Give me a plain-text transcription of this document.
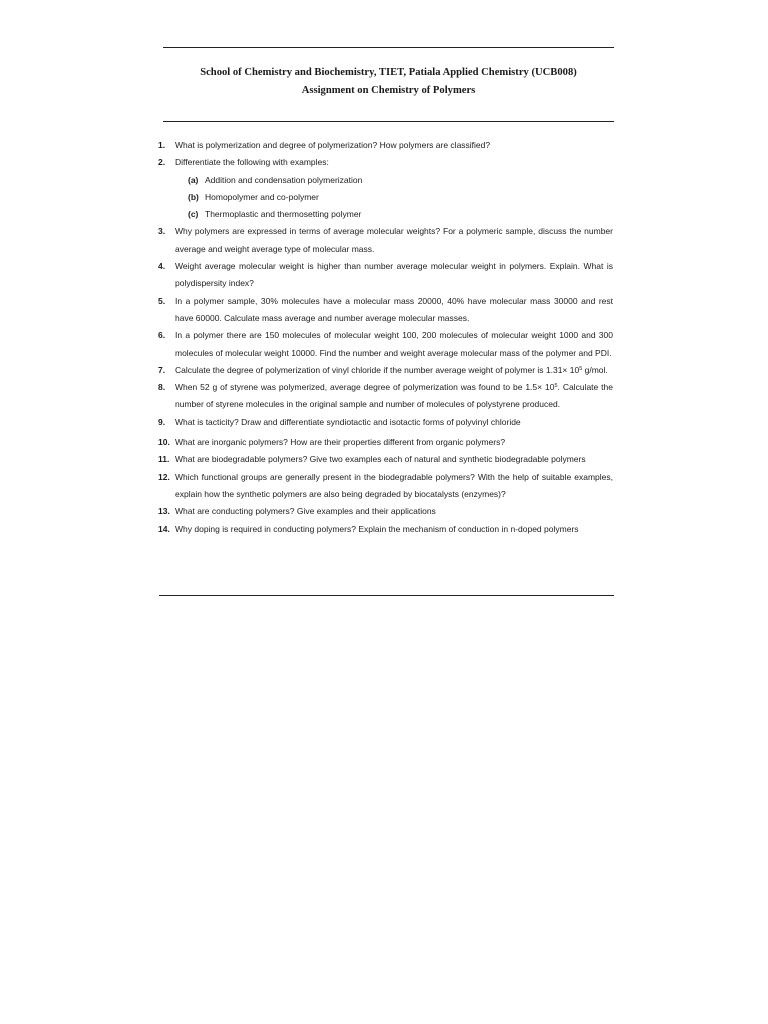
School of Chemistry and Biochemistry, TIET, Patiala Applied Chemistry (UCB008)
Assignment on Chemistry of Polymers
1. What is polymerization and degree of polymerization? How polymers are classified?
2. Differentiate the following with examples:
(a) Addition and condensation polymerization
(b) Homopolymer and co-polymer
(c) Thermoplastic and thermosetting polymer
3. Why polymers are expressed in terms of average molecular weights? For a polymeric sample, discuss the number average and weight average type of molecular mass.
4. Weight average molecular weight is higher than number average molecular weight in polymers. Explain. What is polydispersity index?
5. In a polymer sample, 30% molecules have a molecular mass 20000, 40% have molecular mass 30000 and rest have 60000. Calculate mass average and number average molecular masses.
6. In a polymer there are 150 molecules of molecular weight 100, 200 molecules of molecular weight 1000 and 300 molecules of molecular weight 10000. Find the number and weight average molecular mass of the polymer and PDI.
7. Calculate the degree of polymerization of vinyl chloride if the number average weight of polymer is $1.31\times 10^5$ g/mol.
8. When 52 g of styrene was polymerized, average degree of polymerization was found to be $1.5\times 10^5$. Calculate the number of styrene molecules in the original sample and number of molecules of polystyrene produced.
9. What is tacticity? Draw and differentiate syndiotactic and isotactic forms of polyvinyl chloride
10. What are inorganic polymers? How are their properties different from organic polymers?
11. What are biodegradable polymers? Give two examples each of natural and synthetic biodegradable polymers
12. Which functional groups are generally present in the biodegradable polymers? With the help of suitable examples, explain how the synthetic polymers are also being degraded by biocatalysts (enzymes)?
13. What are conducting polymers? Give examples and their applications
14. Why doping is required in conducting polymers? Explain the mechanism of conduction in n-doped polymers
